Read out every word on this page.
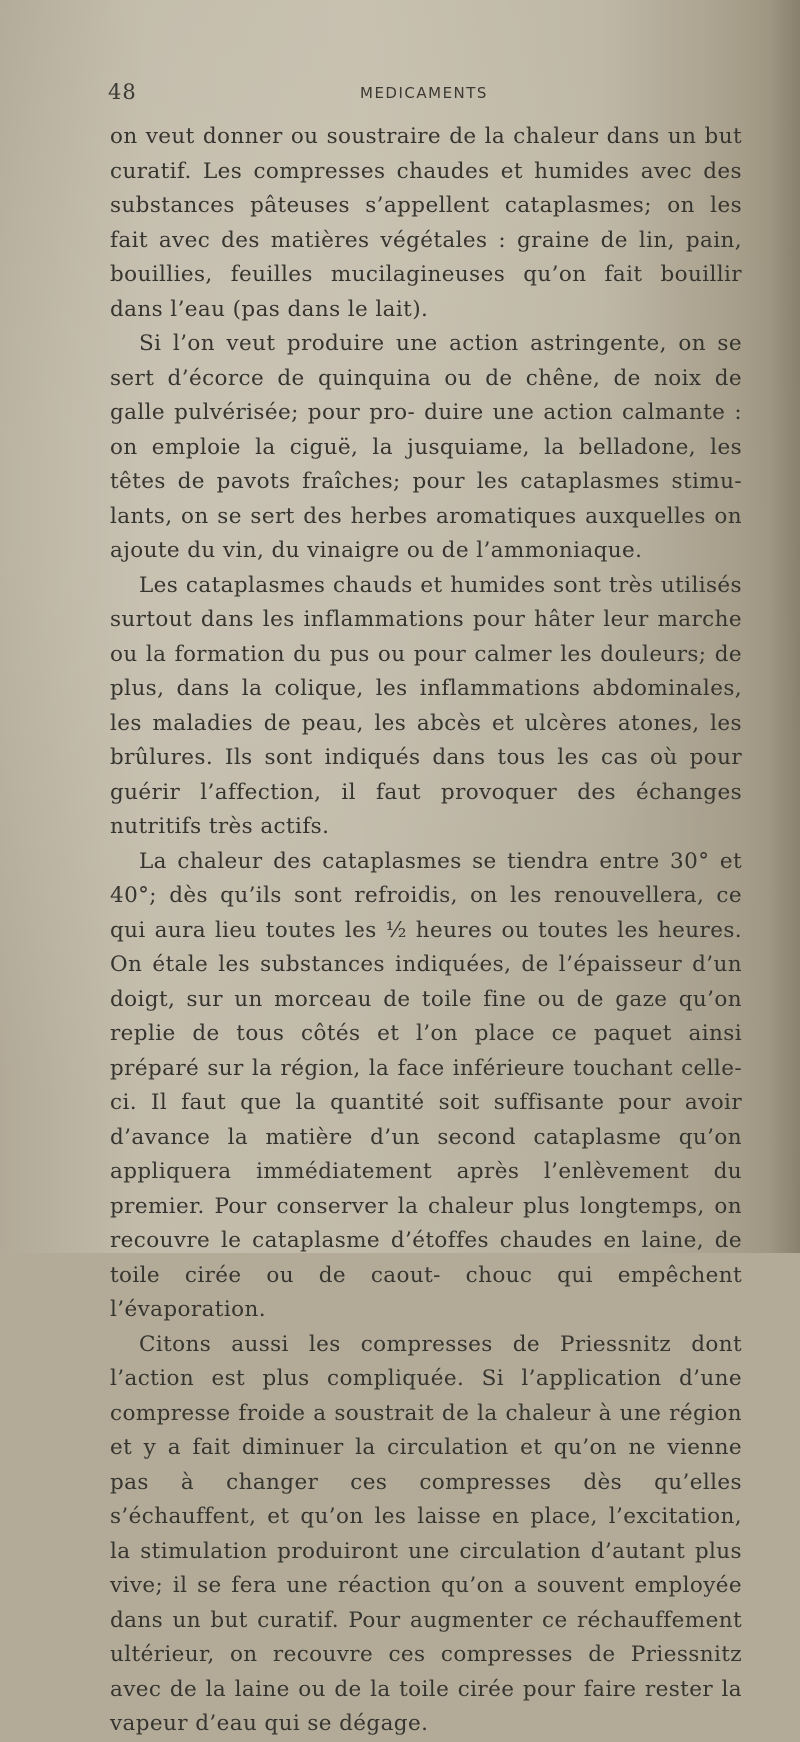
48	MEDICAMENTS

on veut donner ou soustraire de la chaleur dans un but curatif. Les compresses chaudes et humides avec des substances pâteuses s’appellent cataplasmes; on les fait avec des matières végétales : graine de lin, pain, bouillies, feuilles mucilagineuses qu’on fait bouillir dans l’eau (pas dans le lait).

Si l’on veut produire une action astringente, on se sert d’écorce de quinquina ou de chêne, de noix de galle pulvérisée; pour pro- duire une action calmante : on emploie la ciguë, la jusquiame, la belladone, les têtes de pavots fraîches; pour les cataplasmes stimu- lants, on se sert des herbes aromatiques auxquelles on ajoute du vin, du vinaigre ou de l’ammoniaque.

Les cataplasmes chauds et humides sont très utilisés surtout dans les inflammations pour hâter leur marche ou la formation du pus ou pour calmer les douleurs; de plus, dans la colique, les inflammations abdominales, les maladies de peau, les abcès et ulcères atones, les brûlures. Ils sont indiqués dans tous les cas où pour guérir l’affection, il faut provoquer des échanges nutritifs très actifs.

La chaleur des cataplasmes se tiendra entre 30° et 40°; dès qu’ils sont refroidis, on les renouvellera, ce qui aura lieu toutes les ½ heures ou toutes les heures. On étale les substances indiquées, de l’épaisseur d’un doigt, sur un morceau de toile fine ou de gaze qu’on replie de tous côtés et l’on place ce paquet ainsi préparé sur la région, la face inférieure touchant celle-ci. Il faut que la quantité soit suffisante pour avoir d’avance la matière d’un second cataplasme qu’on appliquera immédiatement après l’enlèvement du premier. Pour conserver la chaleur plus longtemps, on recouvre le cataplasme d’étoffes chaudes en laine, de toile cirée ou de caout- chouc qui empêchent l’évaporation.

Citons aussi les compresses de Priessnitz dont l’action est plus compliquée. Si l’application d’une compresse froide a soustrait de la chaleur à une région et y a fait diminuer la circulation et qu’on ne vienne pas à changer ces compresses dès qu’elles s’échauffent, et qu’on les laisse en place, l’excitation, la stimulation produiront une circulation d’autant plus vive; il se fera une réaction qu’on a souvent employée dans un but curatif. Pour augmenter ce réchauffement ultérieur, on recouvre ces compresses de Priessnitz avec de la laine ou de la toile cirée pour faire rester la vapeur d’eau qui se dégage.
